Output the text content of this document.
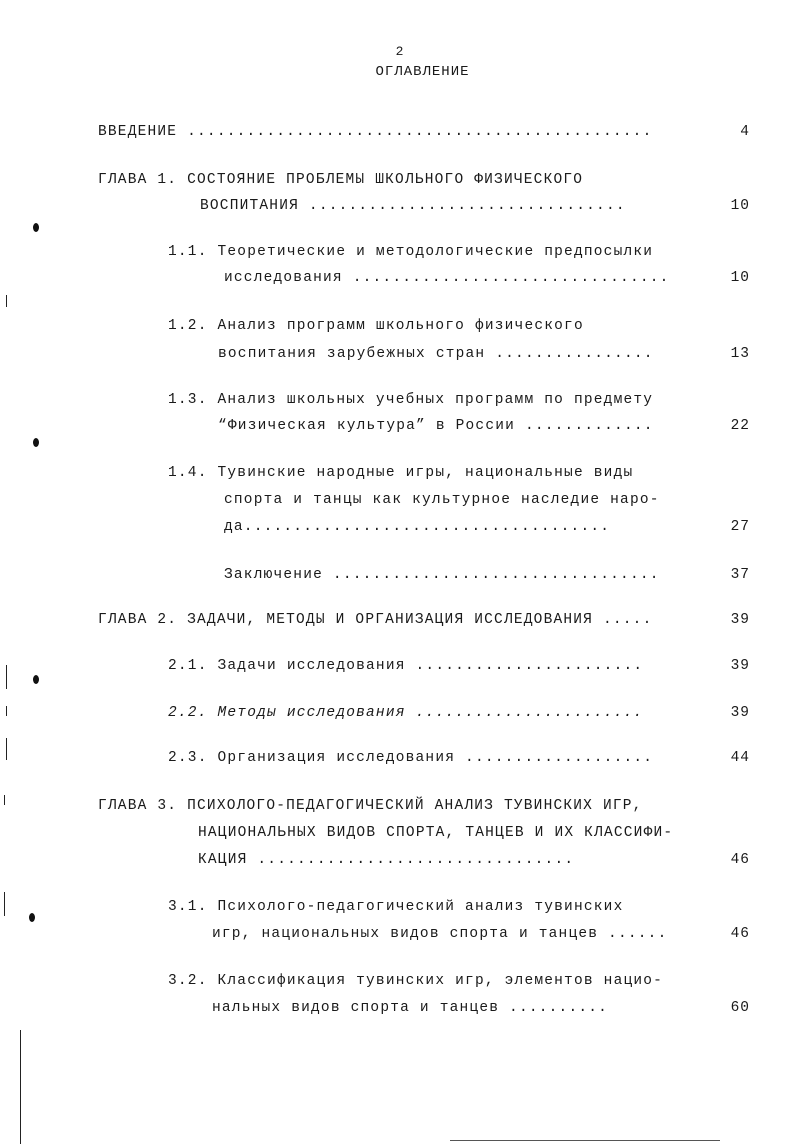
2
ОГЛАВЛЕНИЕ
ВВЕДЕНИЕ ...............................................	4
ГЛАВА 1. СОСТОЯНИЕ ПРОБЛЕМЫ ШКОЛЬНОГО ФИЗИЧЕСКОГО
ВОСПИТАНИЯ ................................	10
1.1. Теоретические и методологические предпосылки
исследования ................................	10
1.2. Анализ программ школьного физического
воспитания зарубежных стран ................	13
1.3. Анализ школьных учебных программ по предмету
“Физическая культура” в России .............	22
1.4. Тувинские народные игры, национальные виды
спорта и танцы как культурное наследие наро-
да.....................................	27
Заключение .................................	37
ГЛАВА 2. ЗАДАЧИ, МЕТОДЫ И ОРГАНИЗАЦИЯ ИССЛЕДОВАНИЯ .....	39
2.1. Задачи исследования .......................	39
2.2. Методы исследования .......................	39
2.3. Организация исследования ...................	44
ГЛАВА 3. ПСИХОЛОГО-ПЕДАГОГИЧЕСКИЙ АНАЛИЗ ТУВИНСКИХ ИГР,
НАЦИОНАЛЬНЫХ ВИДОВ СПОРТА, ТАНЦЕВ И ИХ КЛАССИФИ-
КАЦИЯ ................................	46
3.1. Психолого-педагогический анализ тувинских
игр, национальных видов спорта и танцев ......	46
3.2. Классификация тувинских игр, элементов нацио-
нальных видов спорта и танцев ..........	60
